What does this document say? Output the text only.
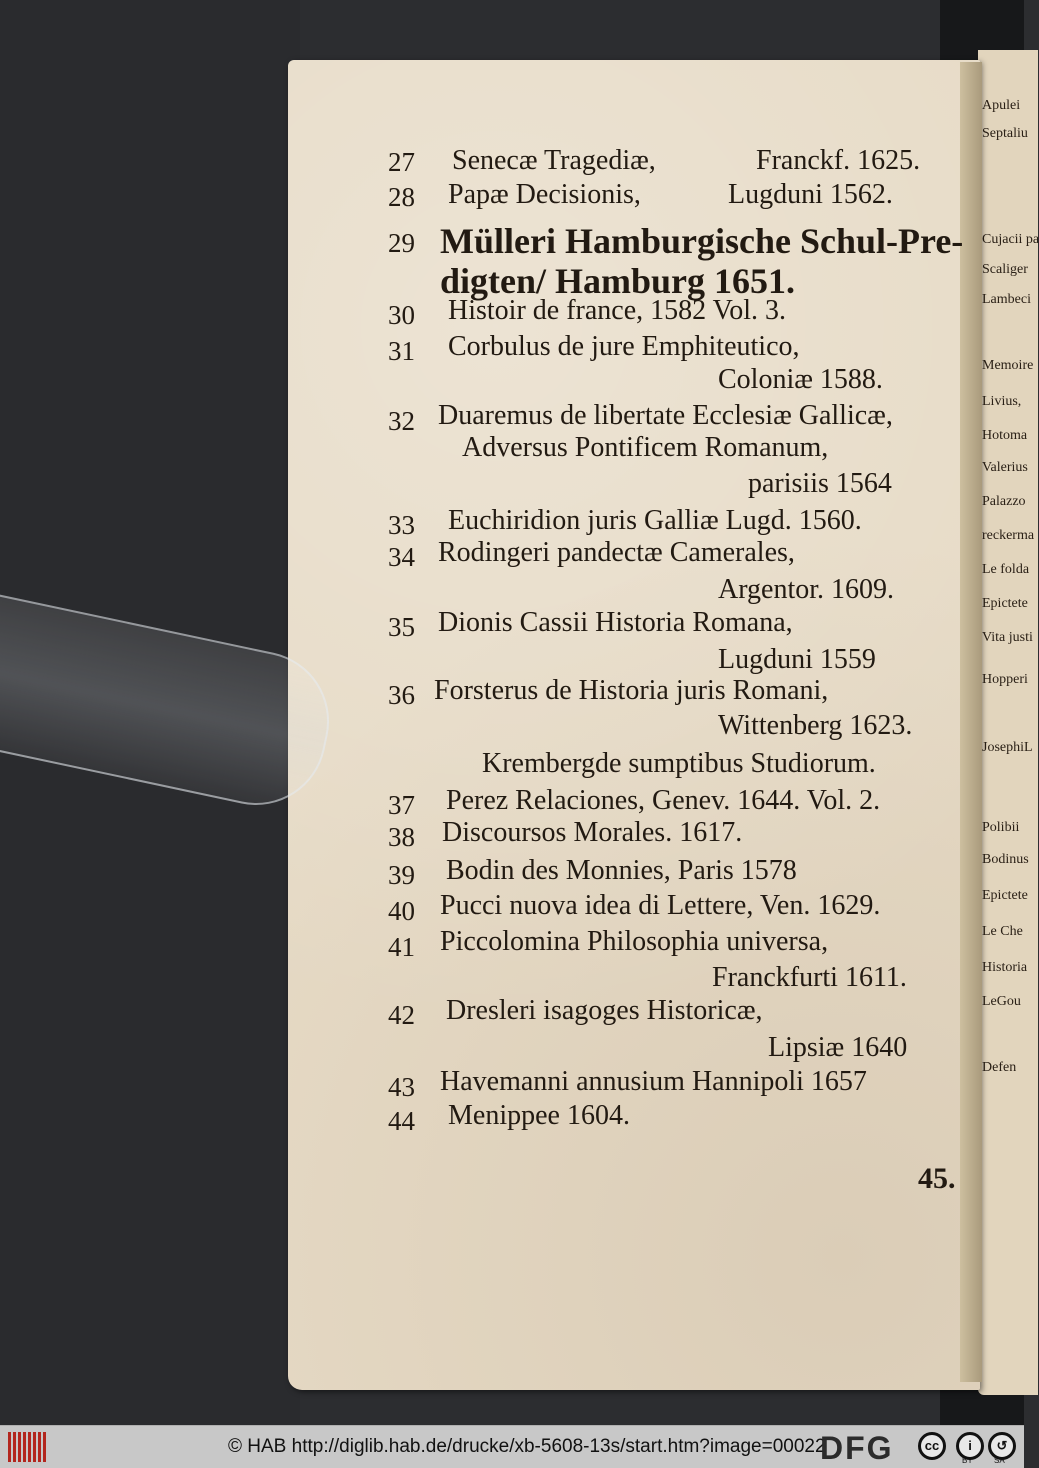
Apulei
Septaliu
Cujacii pa
Scaliger
Lambeci
Memoire
Livius,
Hotoma
Valerius
Palazzo
reckerma
Le folda
Epictete
Vita justi
Hopperi
JosephiL
Polibii
Bodinus
Epictete
Le Che
Historia
LeGou
Defen
27 Senecæ Tragediæ,	Franckf. 1625.
28 Papæ Decisionis,	Lugduni 1562.
29 Mülleri Hamburgische Schul-Pre-
digten/ Hamburg 1651.
30 Histoir de france, 1582 Vol. 3.
31 Corbulus de jure Emphiteutico,
Coloniæ 1588.
32 Duaremus de libertate Ecclesiæ Gallicæ,
Adversus Pontificem Romanum,
parisiis 1564
33 Euchiridion juris Galliæ Lugd. 1560.
34 Rodingeri pandectæ Camerales,
Argentor. 1609.
35 Dionis Cassii Historia Romana,
Lugduni 1559
36 Forsterus de Historia juris Romani,
Wittenberg 1623.
Krembergde sumptibus Studiorum.
37 Perez Relaciones, Genev. 1644. Vol. 2.
38 Discoursos Morales. 1617.
39 Bodin des Monnies, Paris 1578
40 Pucci nuova idea di Lettere, Ven. 1629.
41 Piccolomina Philosophia universa,
Franckfurti 1611.
42 Dresleri isagoges Historicæ,
Lipsiæ 1640
43 Havemanni annusium Hannipoli 1657
44 Menippee 1604.
45.
© HAB http://diglib.hab.de/drucke/xb-5608-13s/start.htm?image=00022
DFG	cc	i
BY
↺
SA
